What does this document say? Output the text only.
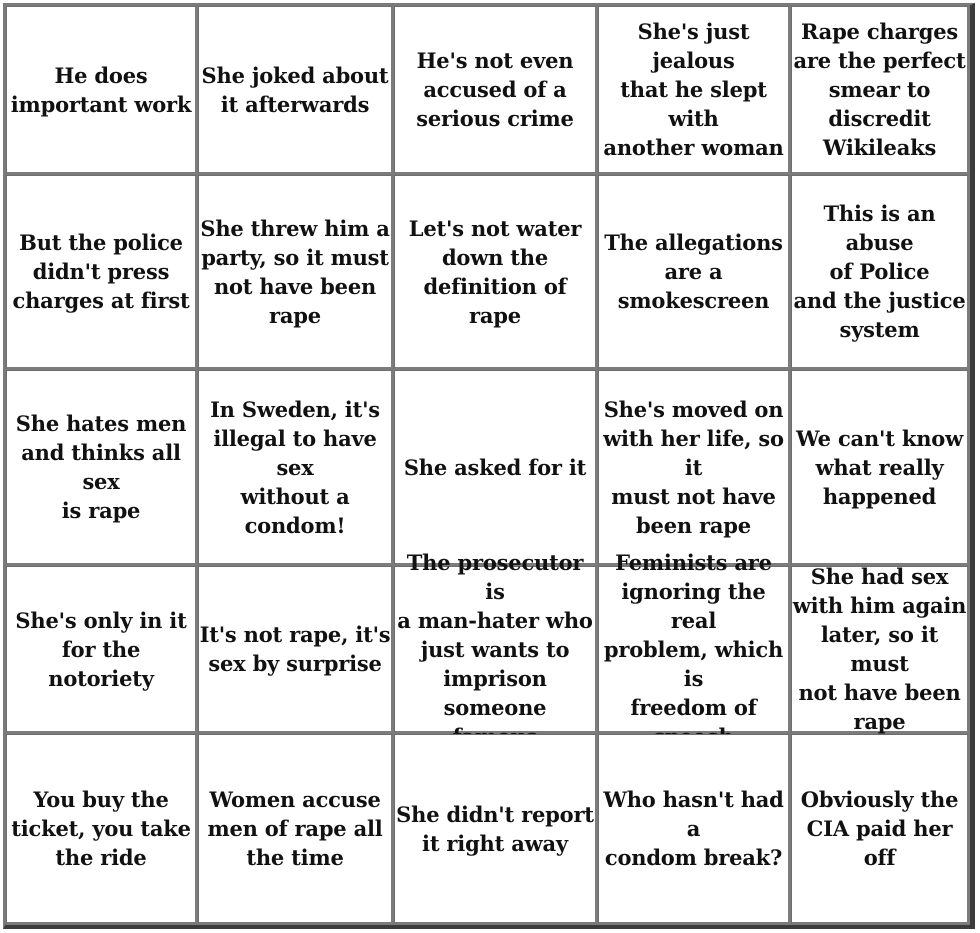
He does
important work
She joked about
it afterwards
He's not even
accused of a
serious crime
She's just jealous
that he slept with
another woman
Rape charges
are the perfect
smear to
discredit
Wikileaks
But the police
didn't press
charges at first
She threw him a
party, so it must
not have been
rape
Let's not water
down the
definition of
rape
The allegations
are a
smokescreen
This is an abuse
of Police
and the justice
system
She hates men
and thinks all sex
is rape
In Sweden, it's
illegal to have sex
without a
condom!
She asked for it
She's moved on
with her life, so it
must not have
been rape
We can't know
what really
happened
She's only in it
for the notoriety
It's not rape, it's
sex by surprise
The prosecutor is
a man-hater who
just wants to
imprison someone

Feminists are
ignoring the real
problem, which is
freedom of

She had sex
with him again
later, so it must
not have been
rape
You buy the
ticket, you take
the ride
Women accuse
men of rape all
the time
She didn't report
it right away
Who hasn't had a
condom break?
Obviously the
CIA paid her off
